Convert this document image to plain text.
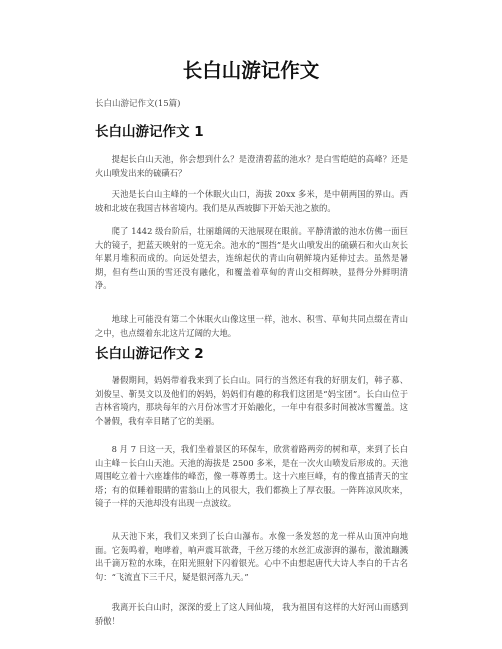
长白山游记作文

长白山游记作文(15篇)

长白山游记作文 1

提起长白山天池，你会想到什么？是澄清碧蓝的池水？是白雪皑皑的高峰？还是火山喷发出来的硫磺石？

天池是长白山主峰的一个休眠火山口，海拔 20xx 多米，是中朝两国的界山。西坡和北坡在我国吉林省境内。我们是从西坡脚下开始天池之旅的。

爬了 1442 级台阶后，壮丽雄阔的天池展现在眼前。平静清澈的池水仿佛一面巨大的镜子，把蓝天映射的一览无余。池水的“围挡”是火山喷发出的硫磺石和火山灰长年累月堆积而成的。向远处望去，连绵起伏的青山向朝鲜境内延伸过去。虽然是暑期，但有些山顶的雪还没有融化，和覆盖着草甸的青山交相辉映，显得分外鲜明清净。

地球上可能没有第二个休眠火山像这里一样，池水、积雪、草甸共同点缀在青山之中，也点缀着东北这片辽阔的大地。

长白山游记作文 2

暑假期间，妈妈带着我来到了长白山。同行的当然还有我的好朋友们，韩子慕、刘俊呈、靳昊文以及他们的妈妈，妈妈们有趣的称我们这团是“妈宝团”。长白山位于吉林省境内，那块每年的六月份冰雪才开始融化，一年中有很多时间被冰雪覆盖。这个暑假，我有幸目睹了它的美丽。

8 月 7 日这一天，我们坐着景区的环保车，欣赏着路两旁的树和草，来到了长白山主峰－长白山天池。天池的海拔是 2500 多米，是在一次火山喷发后形成的。天池周围屹立着十六座雄伟的峰峦，像一尊尊勇士。这十六座巨峰，有的像直插青天的宝塔；有的似睡着眼睛的雷翁山上的风很大，我们都换上了厚衣服。一阵阵凉风吹来，镜子一样的天池却没有出现一点波纹。

从天池下来，我们又来到了长白山瀑布。水像一条发怒的龙一样从山顶冲向地面。它轰鸣着，咆哮着，响声震耳欲聋，千丝万缕的水丝汇成澎湃的瀑布，激流蹦溅出千滴万粒的水珠，在阳光照射下闪着银光。心中不由想起唐代大诗人李白的千古名句：“飞流直下三千尺，疑是银河落九天。”

我离开长白山时，深深的爱上了这人间仙境， 我为祖国有这样的大好河山而感到骄傲！
